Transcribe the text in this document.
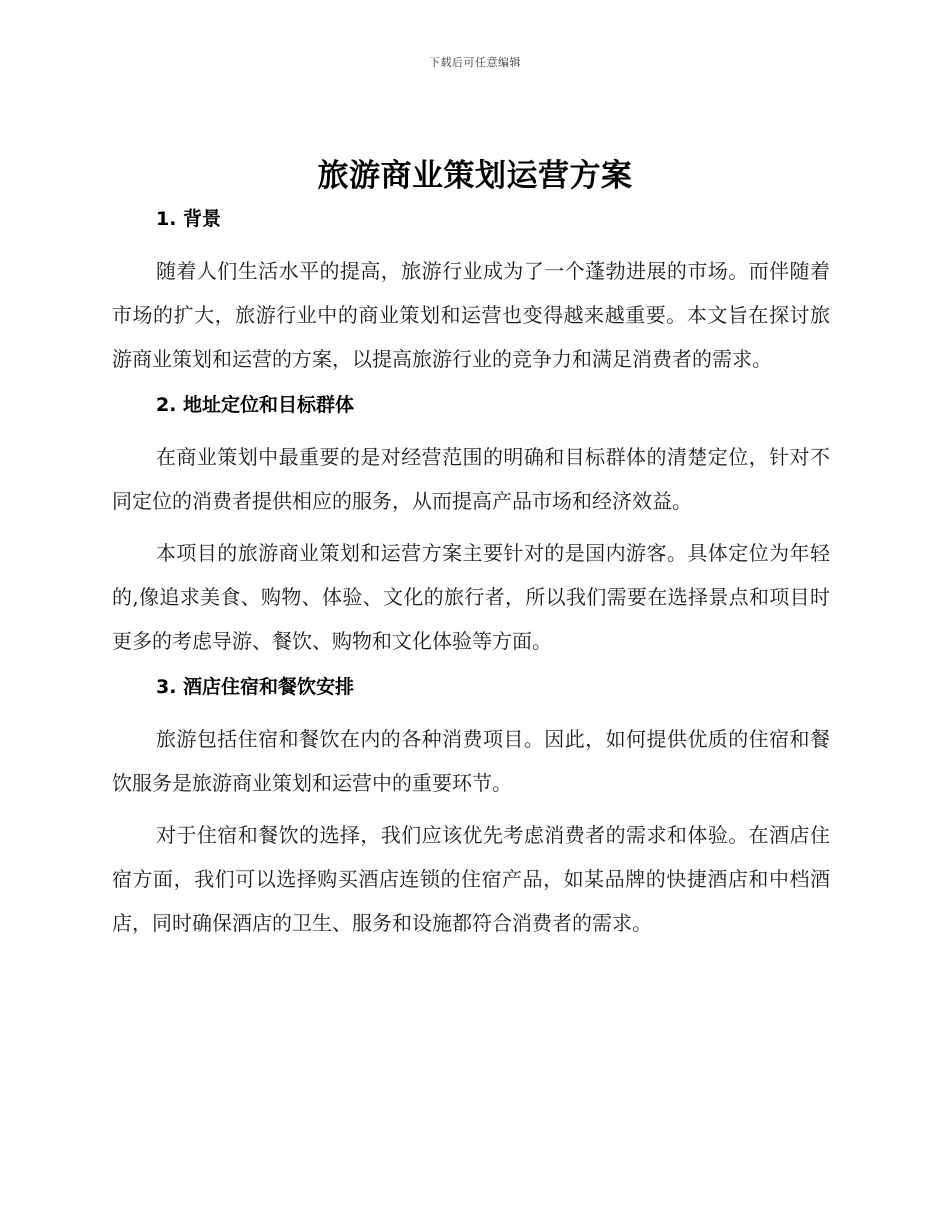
下载后可任意编辑
旅游商业策划运营方案
1. 背景

随着人们生活水平的提高，旅游行业成为了一个蓬勃进展的市场。而伴随着市场的扩大，旅游行业中的商业策划和运营也变得越来越重要。本文旨在探讨旅游商业策划和运营的方案，以提高旅游行业的竞争力和满足消费者的需求。

2. 地址定位和目标群体

在商业策划中最重要的是对经营范围的明确和目标群体的清楚定位，针对不同定位的消费者提供相应的服务，从而提高产品市场和经济效益。

本项目的旅游商业策划和运营方案主要针对的是国内游客。具体定位为年轻的,像追求美食、购物、体验、文化的旅行者，所以我们需要在选择景点和项目时更多的考虑导游、餐饮、购物和文化体验等方面。

3. 酒店住宿和餐饮安排

旅游包括住宿和餐饮在内的各种消费项目。因此，如何提供优质的住宿和餐饮服务是旅游商业策划和运营中的重要环节。

对于住宿和餐饮的选择，我们应该优先考虑消费者的需求和体验。在酒店住宿方面，我们可以选择购买酒店连锁的住宿产品，如某品牌的快捷酒店和中档酒店，同时确保酒店的卫生、服务和设施都符合消费者的需求。
